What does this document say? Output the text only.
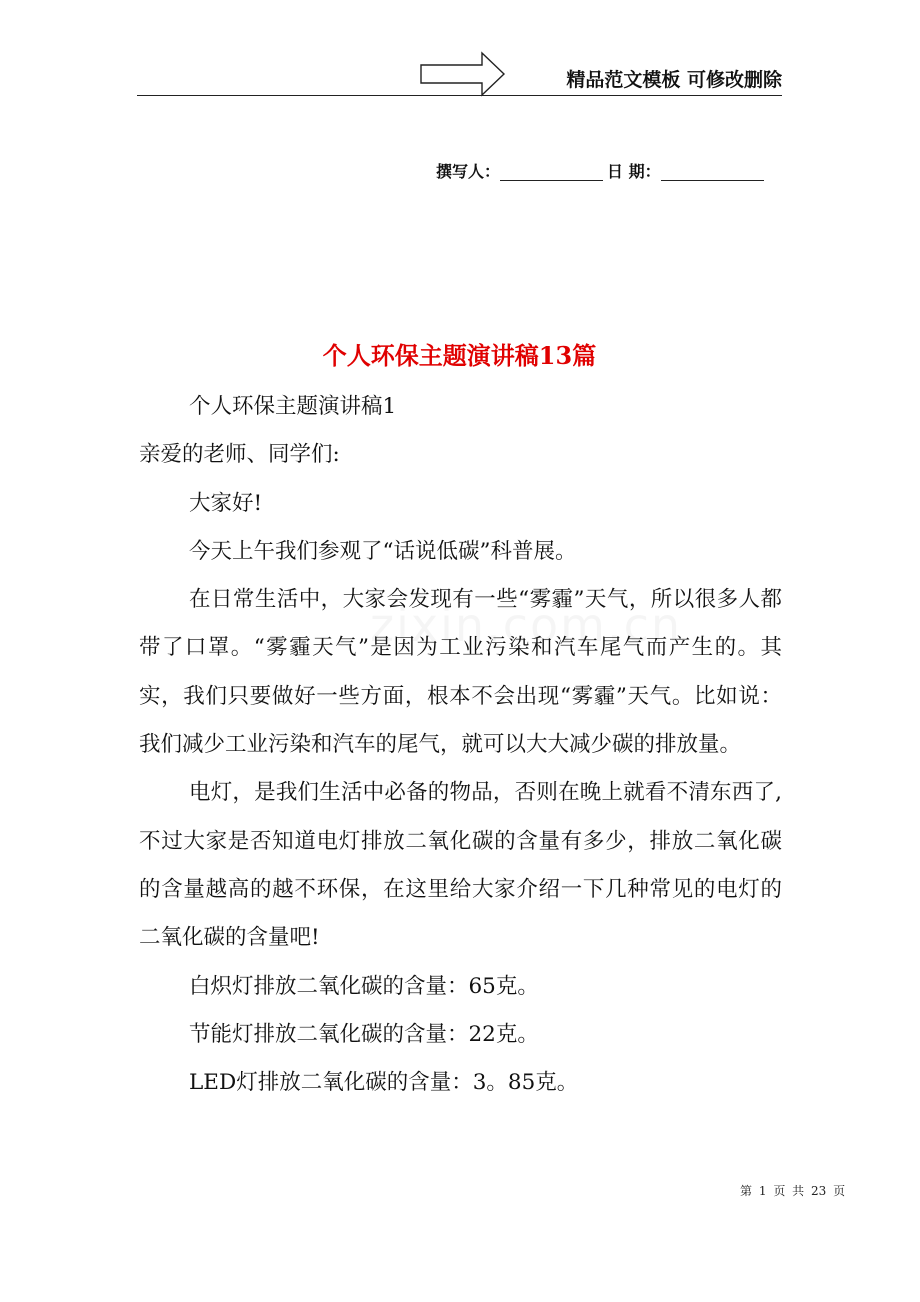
精品范文模板 可修改删除
撰写人：	日 期：
个人环保主题演讲稿13篇

个人环保主题演讲稿1

亲爱的老师、同学们:

大家好!

今天上午我们参观了“话说低碳”科普展。

在日常生活中，大家会发现有一些“雾霾”天气，所以很多人都带了口罩。“雾霾天气”是因为工业污染和汽车尾气而产生的。其实，我们只要做好一些方面，根本不会出现“雾霾”天气。比如说：我们减少工业污染和汽车的尾气，就可以大大减少碳的排放量。

电灯，是我们生活中必备的物品，否则在晚上就看不清东西了,不过大家是否知道电灯排放二氧化碳的含量有多少，排放二氧化碳的含量越高的越不环保，在这里给大家介绍一下几种常见的电灯的二氧化碳的含量吧!

白炽灯排放二氧化碳的含量：65克。

节能灯排放二氧化碳的含量：22克。

LED灯排放二氧化碳的含量：3。85克。

第 1 页 共 23 页
